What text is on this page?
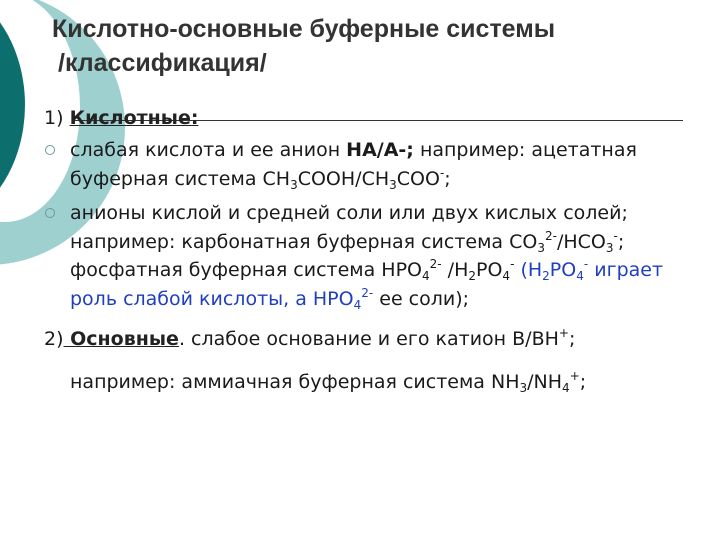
Кислотно-основные буферные системы
/классификация/
1) Кислотные:
слабая кислота и ее анион НА/А-; например: ацетатная буферная система $СН_3СООН/СН_3СОО^-$;
анионы кислой и средней соли или двух кислых солей; например: карбонатная буферная система $СО_3^{2-}/НСО_3^-$; фосфатная буферная система $НРО_4^{2-}$ $/Н_2РО_4^-$ ($Н_2РО_4^-$ играет роль слабой кислоты, а $НРО_4^{2-}$ ее соли);
2) Основные. слабое основание и его катион В/ВН+;
например: аммиачная буферная система $NH_3/NH_4^+$;
